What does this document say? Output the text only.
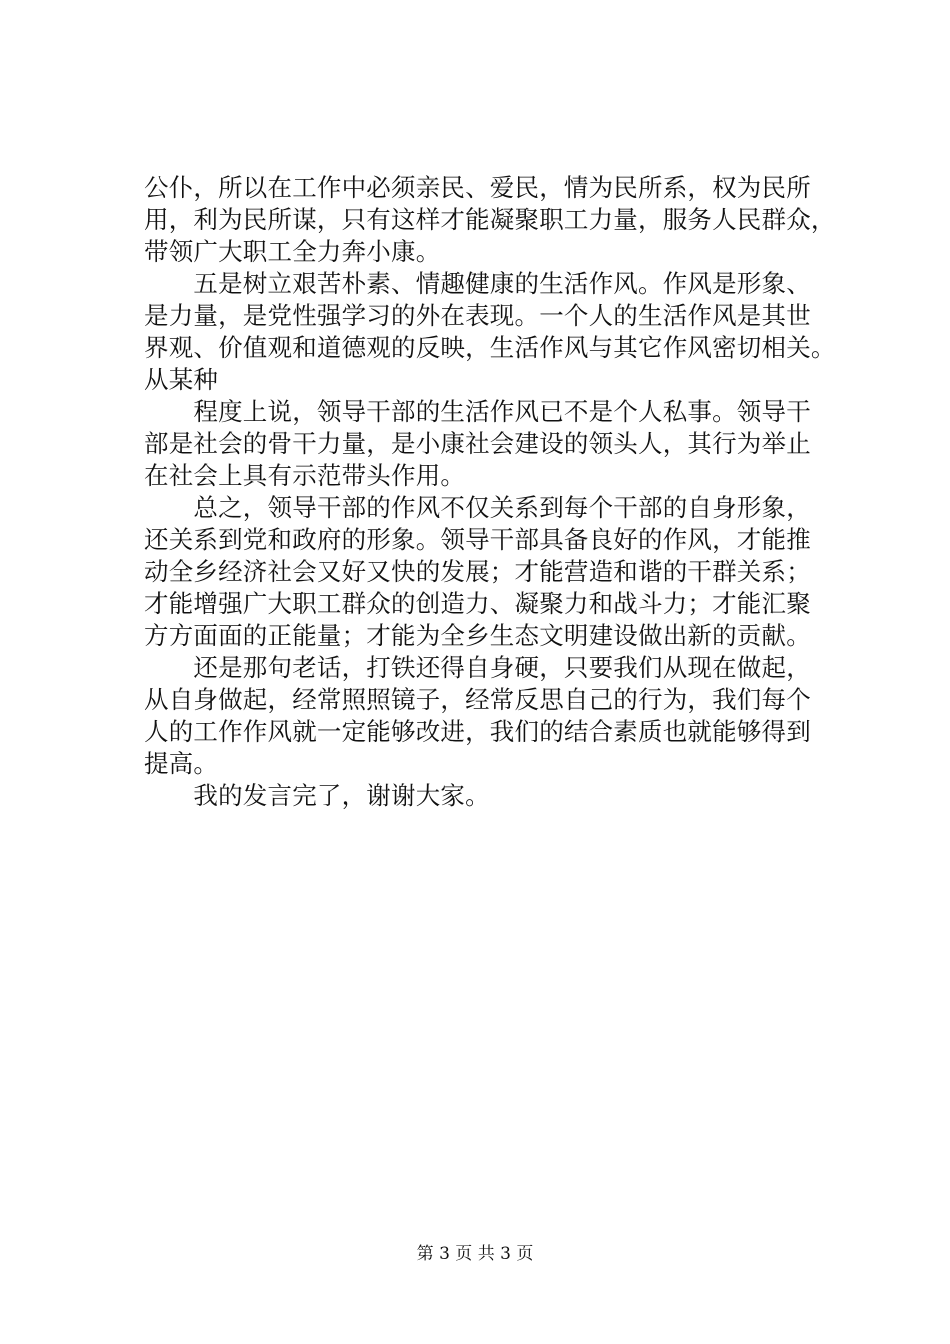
公仆，所以在工作中必须亲民、爱民，情为民所系，权为民所
用，利为民所谋，只有这样才能凝聚职工力量，服务人民群众，
带领广大职工全力奔小康。
　　五是树立艰苦朴素、情趣健康的生活作风。作风是形象、
是力量，是党性强学习的外在表现。一个人的生活作风是其世
界观、价值观和道德观的反映，生活作风与其它作风密切相关。
从某种
　　程度上说，领导干部的生活作风已不是个人私事。领导干
部是社会的骨干力量，是小康社会建设的领头人，其行为举止
在社会上具有示范带头作用。
　　总之，领导干部的作风不仅关系到每个干部的自身形象，
还关系到党和政府的形象。领导干部具备良好的作风，才能推
动全乡经济社会又好又快的发展；才能营造和谐的干群关系；
才能增强广大职工群众的创造力、凝聚力和战斗力；才能汇聚
方方面面的正能量；才能为全乡生态文明建设做出新的贡献。
　　还是那句老话，打铁还得自身硬，只要我们从现在做起，
从自身做起，经常照照镜子，经常反思自己的行为，我们每个
人的工作作风就一定能够改进，我们的结合素质也就能够得到
提高。
　　我的发言完了，谢谢大家。
第 3 页 共 3 页
